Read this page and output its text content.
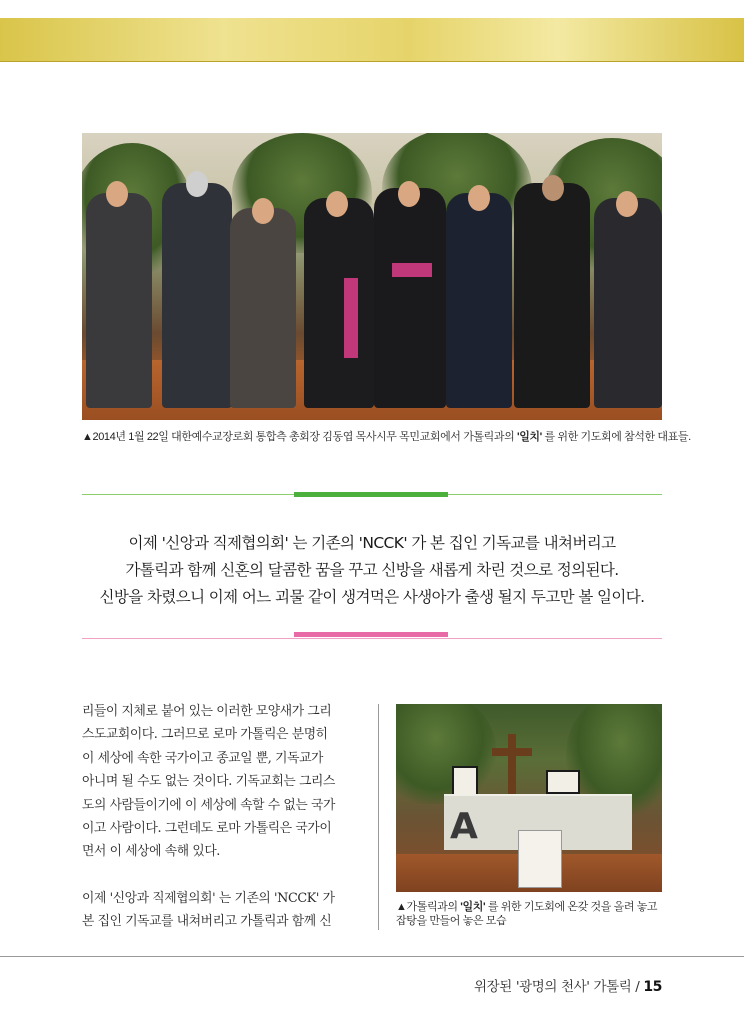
▲2014년 1월 22일 대한예수교장로회 통합측 총회장 김동엽 목사시무 목민교회에서 가톨릭과의 '일치' 를 위한 기도회에 참석한 대표들.

이제 '신앙과 직제협의회' 는 기존의 'NCCK' 가 본 집인 기독교를 내쳐버리고

가톨릭과 함께 신혼의 달콤한 꿈을 꾸고 신방을 새롭게 차린 것으로 정의된다.

신방을 차렸으니 이제 어느 괴물 같이 생겨먹은 사생아가 출생 될지 두고만 볼 일이다.

리들이 지체로 붙어 있는 이러한 모양새가 그리

스도교회이다. 그러므로 로마 가톨릭은 분명히

이 세상에 속한 국가이고 종교일 뿐, 기독교가

아니며 될 수도 없는 것이다. 기독교회는 그리스

도의 사람들이기에 이 세상에 속할 수 없는 국가

이고 사람이다. 그런데도 로마 가톨릭은 국가이

면서 이 세상에 속해 있다.

이제 '신앙과 직제협의회' 는 기존의 'NCCK' 가

본 집인 기독교를 내쳐버리고 가톨릭과 함께 신

A

▲가톨릭과의 '일치' 를 위한 기도회에 온갖 것을 올려 놓고

잡탕을 만들어 놓은 모습

위장된 '광명의 천사' 가톨릭 / 15
